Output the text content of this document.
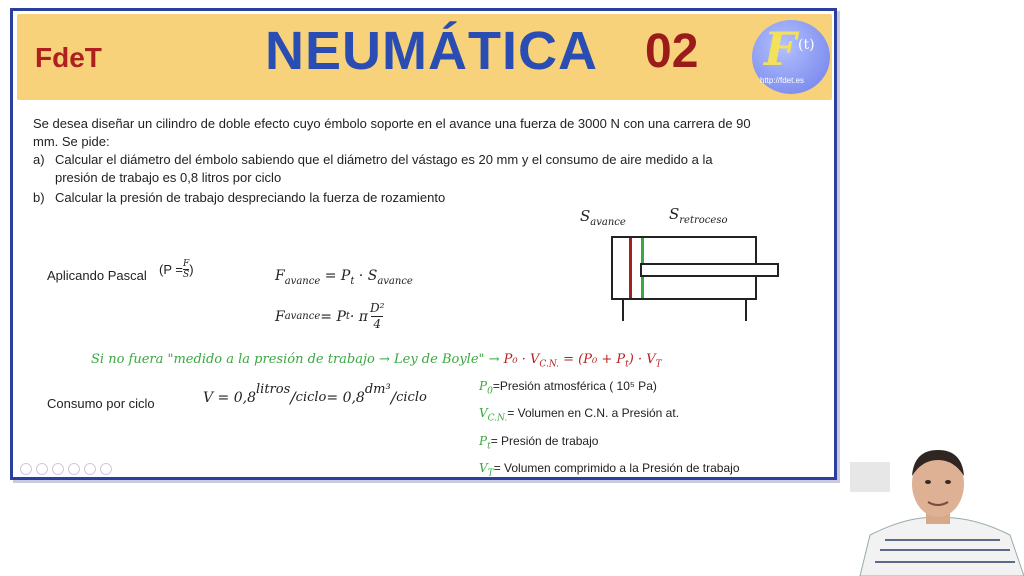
FdeT	NEUMÁTICA 02 F (t)
http://fdet.es
Se desea diseñar un cilindro de doble efecto cuyo émbolo soporte en el avance una fuerza de 3000 N con una carrera de 90
mm. Se pide:
a) Calcular el diámetro del émbolo sabiendo que el diámetro del vástago es 20 mm y el consumo de aire medido a la
presión de trabajo es 0,8 litros por ciclo
b) Calcular la presión de trabajo despreciando la fuerza de rozamiento
$S_{avance}$	$S_{retroceso}$
Aplicando Pascal ($P = \frac{F}{S}$ )	$F_{avance} = P_t \cdot S_{avance}$
F avance = P t · π
D²
4
Si no fuera "medido a la presión de trabajo → Ley de Boyle" → $P_0 \cdot V_{C.N.} = (P_0 + P_t) \cdot V_T$
Consumo por ciclo	V = 0,8
litros / ciclo = 0,8
dm³ / ciclo
$P_0=Presión$ atmosférica ( 10⁵ Pa)
$V_{C.N.}=$ Volumen en C.N. a Presión at.
$P_t=$ Presión de trabajo
$V_T=$ Volumen comprimido a la Presión de trabajo
